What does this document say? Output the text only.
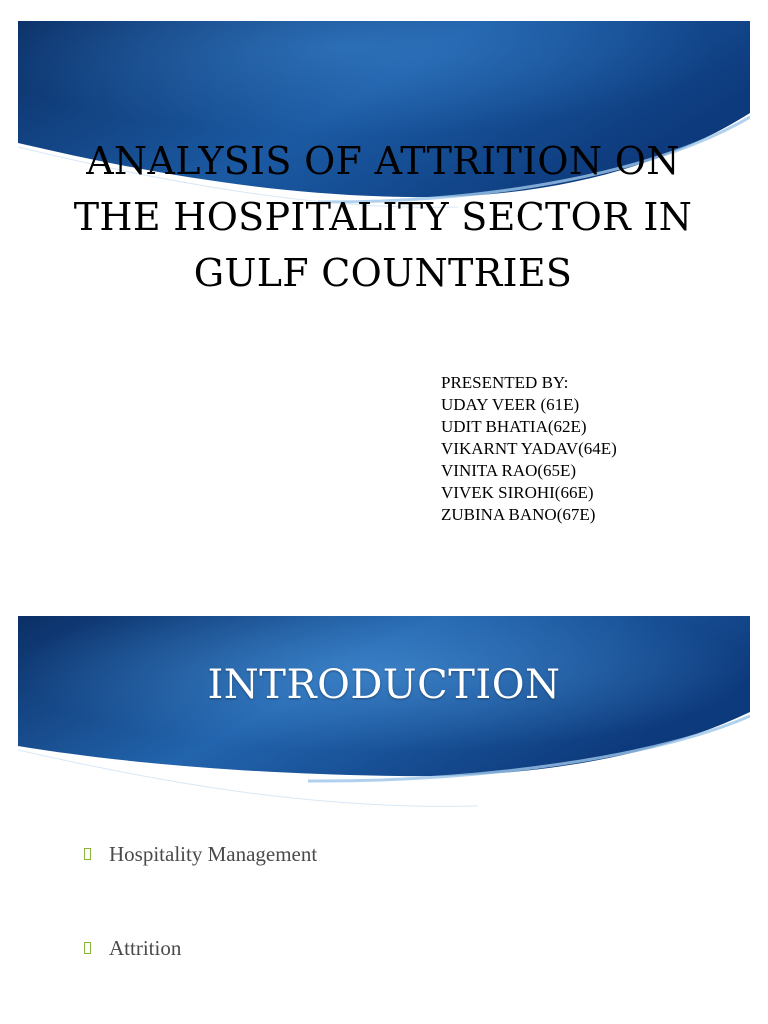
ANALYSIS OF ATTRITION ON THE HOSPITALITY SECTOR IN GULF COUNTRIES
PRESENTED BY:
UDAY VEER (61E)
UDIT BHATIA(62E)
VIKARNT YADAV(64E)
VINITA RAO(65E)
VIVEK SIROHI(66E)
ZUBINA BANO(67E)
INTRODUCTION
Hospitality Management
Attrition
